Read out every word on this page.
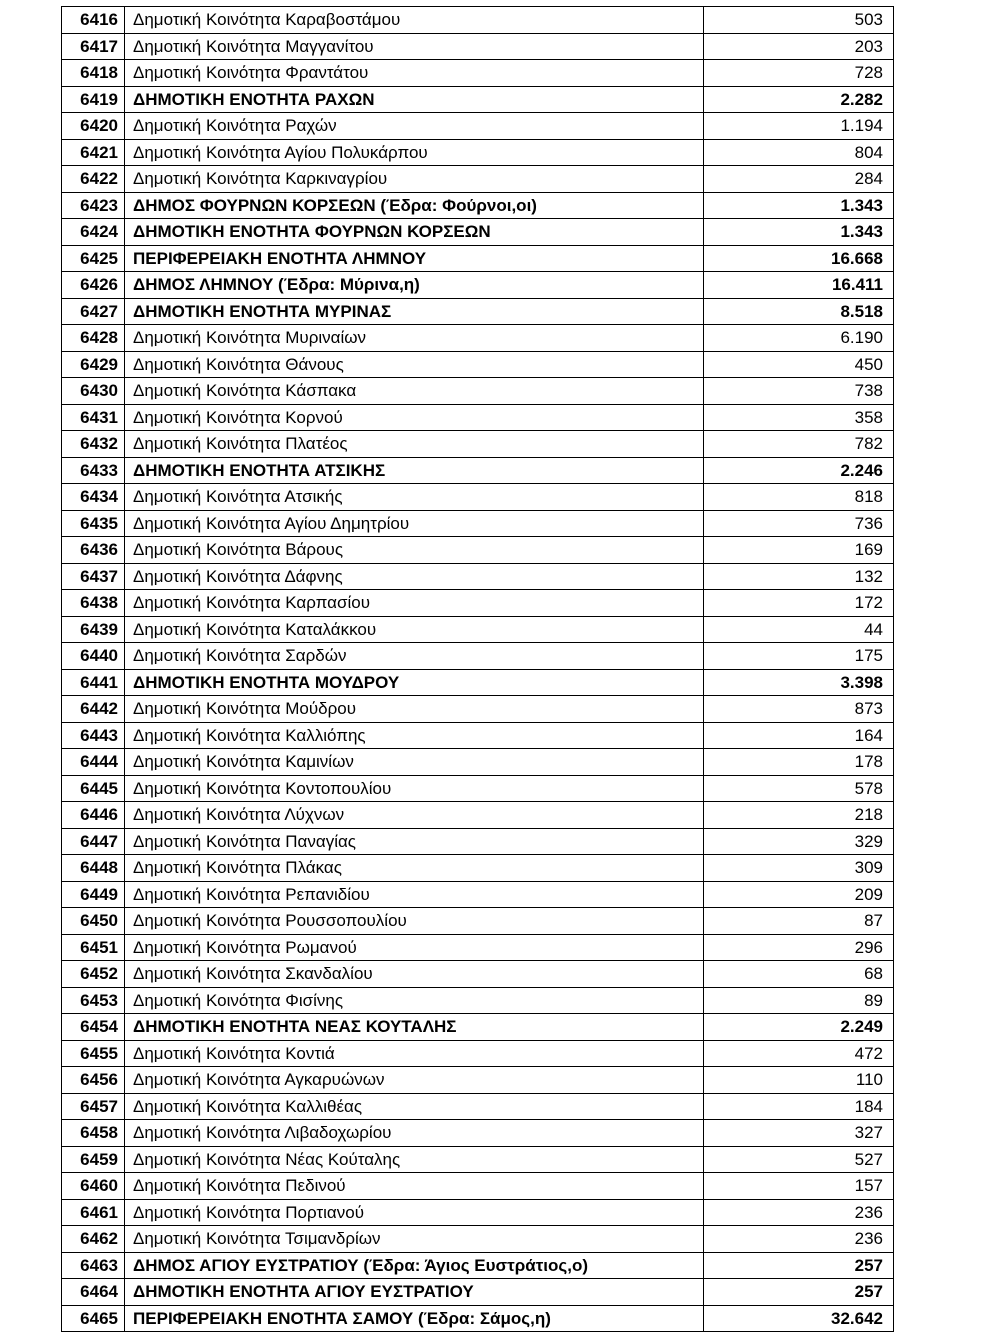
6416	Δημοτική Κοινότητα Καραβοστάμου	503
6417	Δημοτική Κοινότητα Μαγγανίτου	203
6418	Δημοτική Κοινότητα Φραντάτου	728
6419	ΔΗΜΟΤΙΚΗ ΕΝΟΤΗΤΑ ΡΑΧΩΝ	2.282
6420	Δημοτική Κοινότητα Ραχών	1.194
6421	Δημοτική Κοινότητα Αγίου Πολυκάρπου	804
6422	Δημοτική Κοινότητα Καρκιναγρίου	284
6423	ΔΗΜΟΣ ΦΟΥΡΝΩΝ ΚΟΡΣΕΩΝ (Έδρα: Φούρνοι,οι)	1.343
6424	ΔΗΜΟΤΙΚΗ ΕΝΟΤΗΤΑ ΦΟΥΡΝΩΝ ΚΟΡΣΕΩΝ	1.343
6425	ΠΕΡΙΦΕΡΕΙΑΚΗ ΕΝΟΤΗΤΑ ΛΗΜΝΟΥ	16.668
6426	ΔΗΜΟΣ ΛΗΜΝΟΥ (Έδρα: Μύρινα,η)	16.411
6427	ΔΗΜΟΤΙΚΗ ΕΝΟΤΗΤΑ ΜΥΡΙΝΑΣ	8.518
6428	Δημοτική Κοινότητα Μυριναίων	6.190
6429	Δημοτική Κοινότητα Θάνους	450
6430	Δημοτική Κοινότητα Κάσπακα	738
6431	Δημοτική Κοινότητα Κορνού	358
6432	Δημοτική Κοινότητα Πλατέος	782
6433	ΔΗΜΟΤΙΚΗ ΕΝΟΤΗΤΑ ΑΤΣΙΚΗΣ	2.246
6434	Δημοτική Κοινότητα Ατσικής	818
6435	Δημοτική Κοινότητα Αγίου Δημητρίου	736
6436	Δημοτική Κοινότητα Βάρους	169
6437	Δημοτική Κοινότητα Δάφνης	132
6438	Δημοτική Κοινότητα Καρπασίου	172
6439	Δημοτική Κοινότητα Καταλάκκου	44
6440	Δημοτική Κοινότητα Σαρδών	175
6441	ΔΗΜΟΤΙΚΗ ΕΝΟΤΗΤΑ ΜΟΥΔΡΟΥ	3.398
6442	Δημοτική Κοινότητα Μούδρου	873
6443	Δημοτική Κοινότητα Καλλιόπης	164
6444	Δημοτική Κοινότητα Καμινίων	178
6445	Δημοτική Κοινότητα Κοντοπουλίου	578
6446	Δημοτική Κοινότητα Λύχνων	218
6447	Δημοτική Κοινότητα Παναγίας	329
6448	Δημοτική Κοινότητα Πλάκας	309
6449	Δημοτική Κοινότητα Ρεπανιδίου	209
6450	Δημοτική Κοινότητα Ρουσσοπουλίου	87
6451	Δημοτική Κοινότητα Ρωμανού	296
6452	Δημοτική Κοινότητα Σκανδαλίου	68
6453	Δημοτική Κοινότητα Φισίνης	89
6454	ΔΗΜΟΤΙΚΗ ΕΝΟΤΗΤΑ ΝΕΑΣ ΚΟΥΤΑΛΗΣ	2.249
6455	Δημοτική Κοινότητα Κοντιά	472
6456	Δημοτική Κοινότητα Αγκαρυώνων	110
6457	Δημοτική Κοινότητα Καλλιθέας	184
6458	Δημοτική Κοινότητα Λιβαδοχωρίου	327
6459	Δημοτική Κοινότητα Νέας Κούταλης	527
6460	Δημοτική Κοινότητα Πεδινού	157
6461	Δημοτική Κοινότητα Πορτιανού	236
6462	Δημοτική Κοινότητα Τσιμανδρίων	236
6463	ΔΗΜΟΣ ΑΓΙΟΥ ΕΥΣΤΡΑΤΙΟΥ (Έδρα: Άγιος Ευστράτιος,ο)	257
6464	ΔΗΜΟΤΙΚΗ ΕΝΟΤΗΤΑ ΑΓΙΟΥ ΕΥΣΤΡΑΤΙΟΥ	257
6465	ΠΕΡΙΦΕΡΕΙΑΚΗ ΕΝΟΤΗΤΑ ΣΑΜΟΥ (Έδρα: Σάμος,η)	32.642
